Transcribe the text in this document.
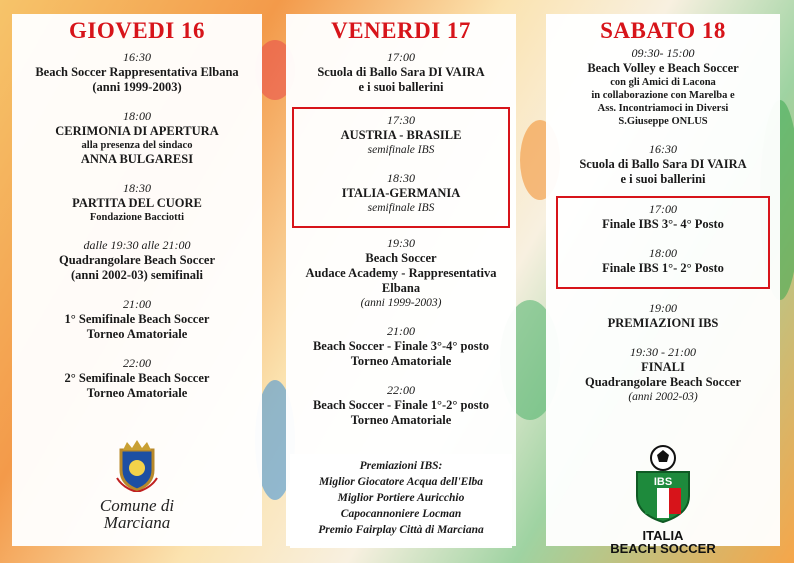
GIOVEDI 16
16:30
Beach Soccer Rappresentativa Elbana
(anni 1999-2003)
18:00
CERIMONIA DI APERTURA
alla presenza del sindaco
ANNA BULGARESI
18:30
PARTITA DEL CUORE
Fondazione Bacciotti
dalle 19:30 alle 21:00
Quadrangolare Beach Soccer
(anni 2002-03) semifinali
21:00
1° Semifinale Beach Soccer
Torneo Amatoriale
22:00
2° Semifinale Beach Soccer
Torneo Amatoriale
Comune di
Marciana
VENERDI 17
17:00
Scuola di Ballo Sara DI VAIRA
e i suoi ballerini
17:30
AUSTRIA - BRASILE
semifinale IBS
18:30
ITALIA-GERMANIA
semifinale IBS
19:30
Beach Soccer
Audace Academy - Rappresentativa Elbana
(anni 1999-2003)
21:00
Beach Soccer - Finale 3°-4° posto
Torneo Amatoriale
22:00
Beach Soccer - Finale 1°-2° posto
Torneo Amatoriale
Premiazioni IBS:
Miglior Giocatore Acqua dell'Elba
Miglior Portiere Auricchio
Capocannoniere Locman
Premio Fairplay Città di Marciana
SABATO 18
09:30- 15:00
Beach Volley e Beach Soccer
con gli Amici di Lacona
in collaborazione con Marelba e
Ass. Incontriamoci in Diversi
S.Giuseppe ONLUS
16:30
Scuola di Ballo Sara DI VAIRA
e i suoi ballerini
17:00
Finale IBS 3°- 4° Posto
18:00
Finale IBS 1°- 2° Posto
19:00
PREMIAZIONI IBS
19:30 - 21:00
FINALI
Quadrangolare Beach Soccer
(anni 2002-03)
IBS
ITALIA
BEACH SOCCER
